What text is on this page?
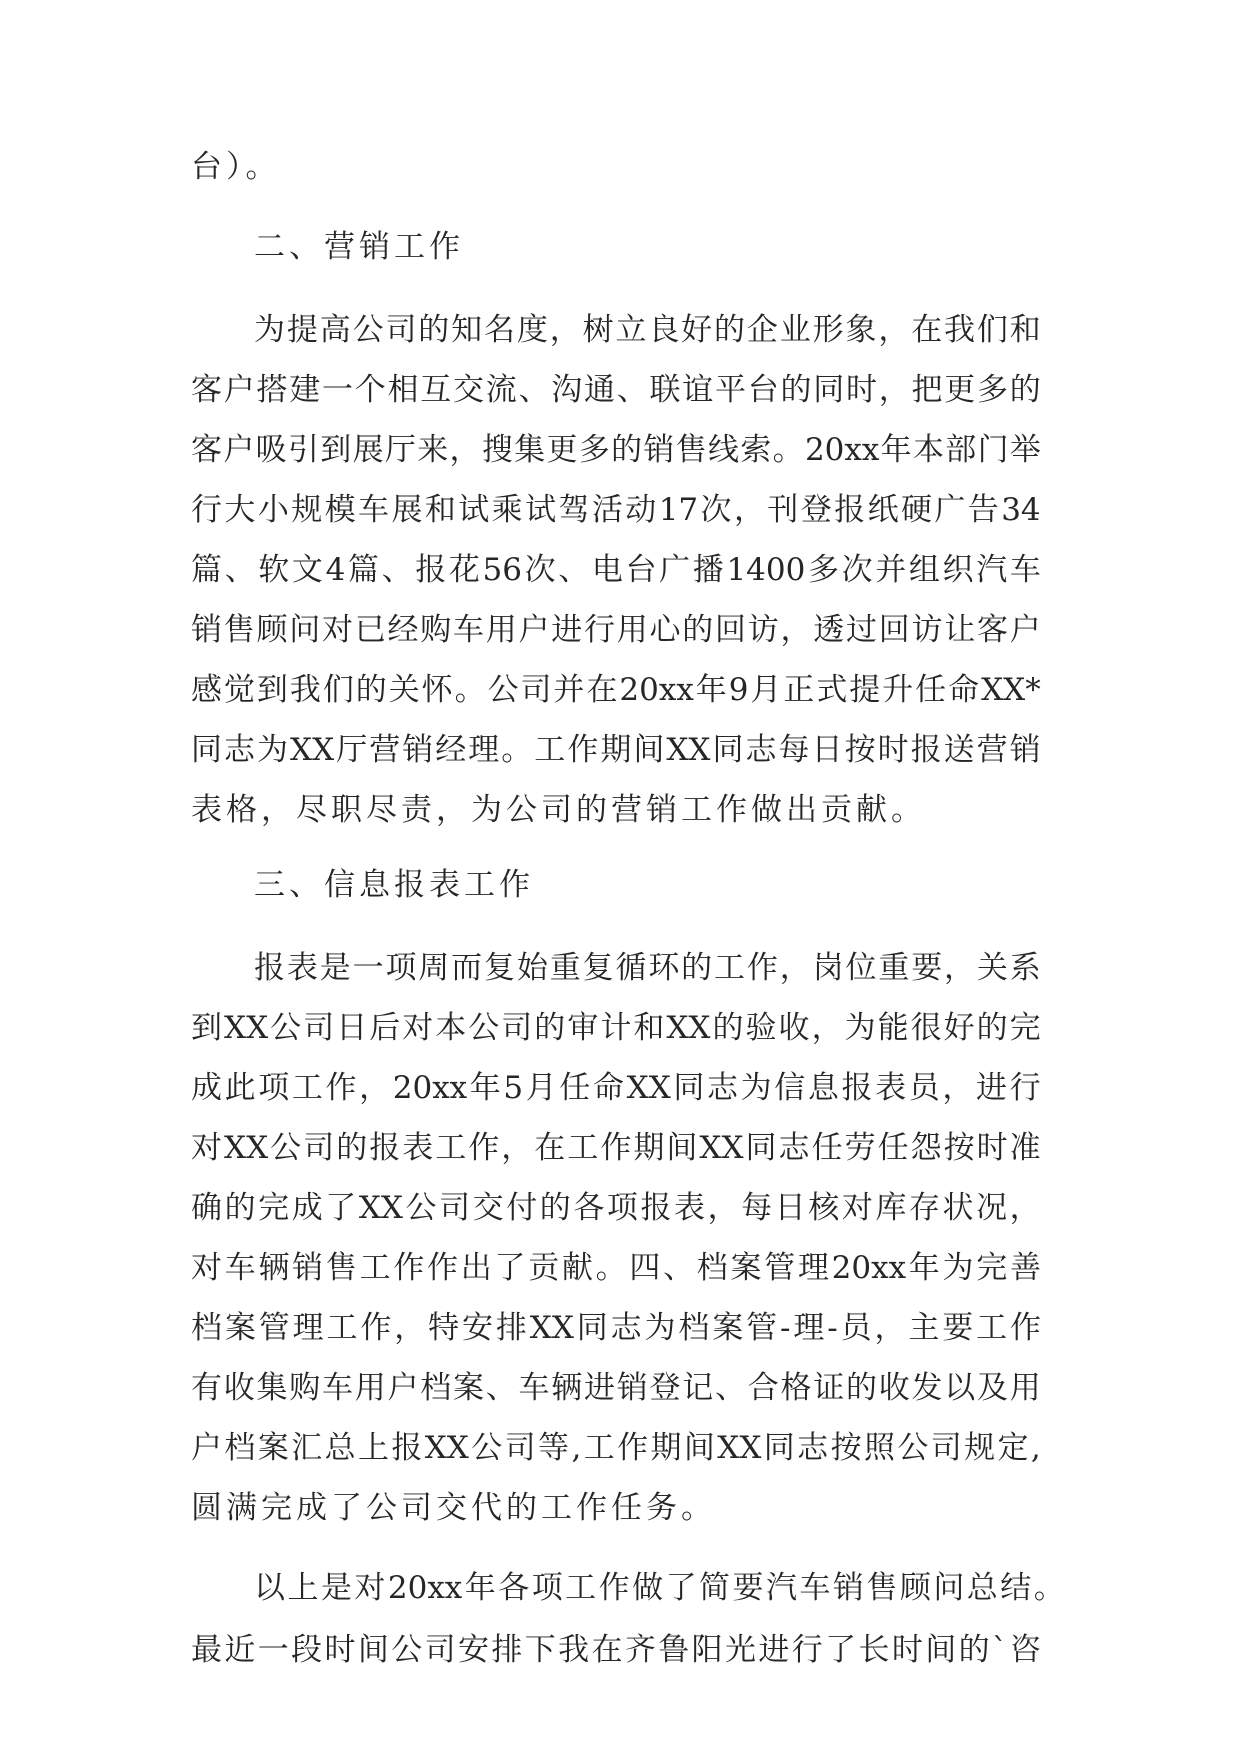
台）。

二、营销工作

为 提 高 公 司 的 知 名 度 ， 树 立 良 好 的 企 业 形 象 ， 在 我 们 和

客 户 搭 建 一 个 相 互 交 流 、 沟 通 、 联 谊 平 台 的 同 时 ， 把 更 多 的

客 户 吸 引 到 展 厅 来 ， 搜 集 更 多 的 销 售 线 索 。 20xx 年 本 部 门 举

行 大 小 规 模 车 展 和 试 乘 试 驾 活 动 17 次 ， 刊 登 报 纸 硬 广 告 34

篇 、 软 文 4 篇 、 报 花 56 次 、 电 台 广 播 1400 多 次 并 组 织 汽 车

销 售 顾 问 对 已 经 购 车 用 户 进 行 用 心 的 回 访 ， 透 过 回 访 让 客 户

感 觉 到 我 们 的 关 怀 。 公 司 并 在 20xx 年 9 月 正 式 提 升 任 命 XX*

同 志 为 XX 厅 营 销 经 理 。 工 作 期 间 XX 同 志 每 日 按 时 报 送 营 销

表格，尽职尽责，为公司的营销工作做出贡献。

三、信息报表工作

报 表 是 一 项 周 而 复 始 重 复 循 环 的 工 作 ， 岗 位 重 要 ， 关 系

到 XX 公 司 日 后 对 本 公 司 的 审 计 和 XX 的 验 收 ， 为 能 很 好 的 完

成 此 项 工 作 ， 20xx 年 5 月 任 命 XX 同 志 为 信 息 报 表 员 ， 进 行

对 XX 公 司 的 报 表 工 作 ， 在 工 作 期 间 XX 同 志 任 劳 任 怨 按 时 准

确 的 完 成 了 XX 公 司 交 付 的 各 项 报 表 ， 每 日 核 对 库 存 状 况 ，

对 车 辆 销 售 工 作 作 出 了 贡 献 。 四 、 档 案 管 理 20xx 年 为 完 善

档 案 管 理 工 作 ， 特 安 排 XX 同 志 为 档 案 管 - 理 - 员 ， 主 要 工 作

有 收 集 购 车 用 户 档 案 、 车 辆 进 销 登 记 、 合 格 证 的 收 发 以 及 用

户 档 案 汇 总 上 报 XX 公 司 等 , 工 作 期 间 XX 同 志 按 照 公 司 规 定 ,

圆满完成了公司交代的工作任务。

以 上 是 对 20xx 年 各 项 工 作 做 了 简 要 汽 车 销 售 顾 问 总 结 。

最 近 一 段 时 间 公 司 安 排 下 我 在 齐 鲁 阳 光 进 行 了 长 时 间 的 ` 咨
